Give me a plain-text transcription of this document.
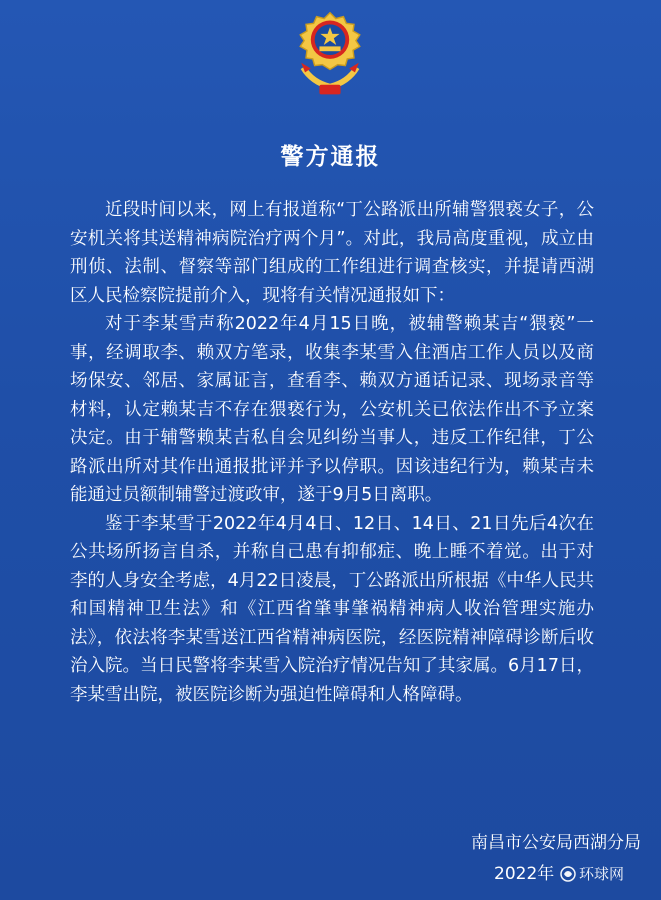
警方通报

近段时间以来，网上有报道称“丁公路派出所辅警猥亵女子，公安机关将其送精神病院治疗两个月”。对此，我局高度重视，成立由刑侦、法制、督察等部门组成的工作组进行调查核实，并提请西湖区人民检察院提前介入，现将有关情况通报如下：

对于李某雪声称2022年4月15日晚，被辅警赖某吉“猥亵”一事，经调取李、赖双方笔录，收集李某雪入住酒店工作人员以及商场保安、邻居、家属证言，查看李、赖双方通话记录、现场录音等材料，认定赖某吉不存在猥亵行为，公安机关已依法作出不予立案决定。由于辅警赖某吉私自会见纠纷当事人，违反工作纪律，丁公路派出所对其作出通报批评并予以停职。因该违纪行为，赖某吉未能通过员额制辅警过渡政审，遂于9月5日离职。

鉴于李某雪于2022年4月4日、12日、14日、21日先后4次在公共场所扬言自杀，并称自己患有抑郁症、晚上睡不着觉。出于对李的人身安全考虑，4月22日凌晨，丁公路派出所根据《中华人民共和国精神卫生法》和《江西省肇事肇祸精神病人收治管理实施办法》，依法将李某雪送江西省精神病医院，经医院精神障碍诊断后收治入院。当日民警将李某雪入院治疗情况告知了其家属。6月17日，李某雪出院，被医院诊断为强迫性障碍和人格障碍。

南昌市公安局西湖分局
2022年 环球网
